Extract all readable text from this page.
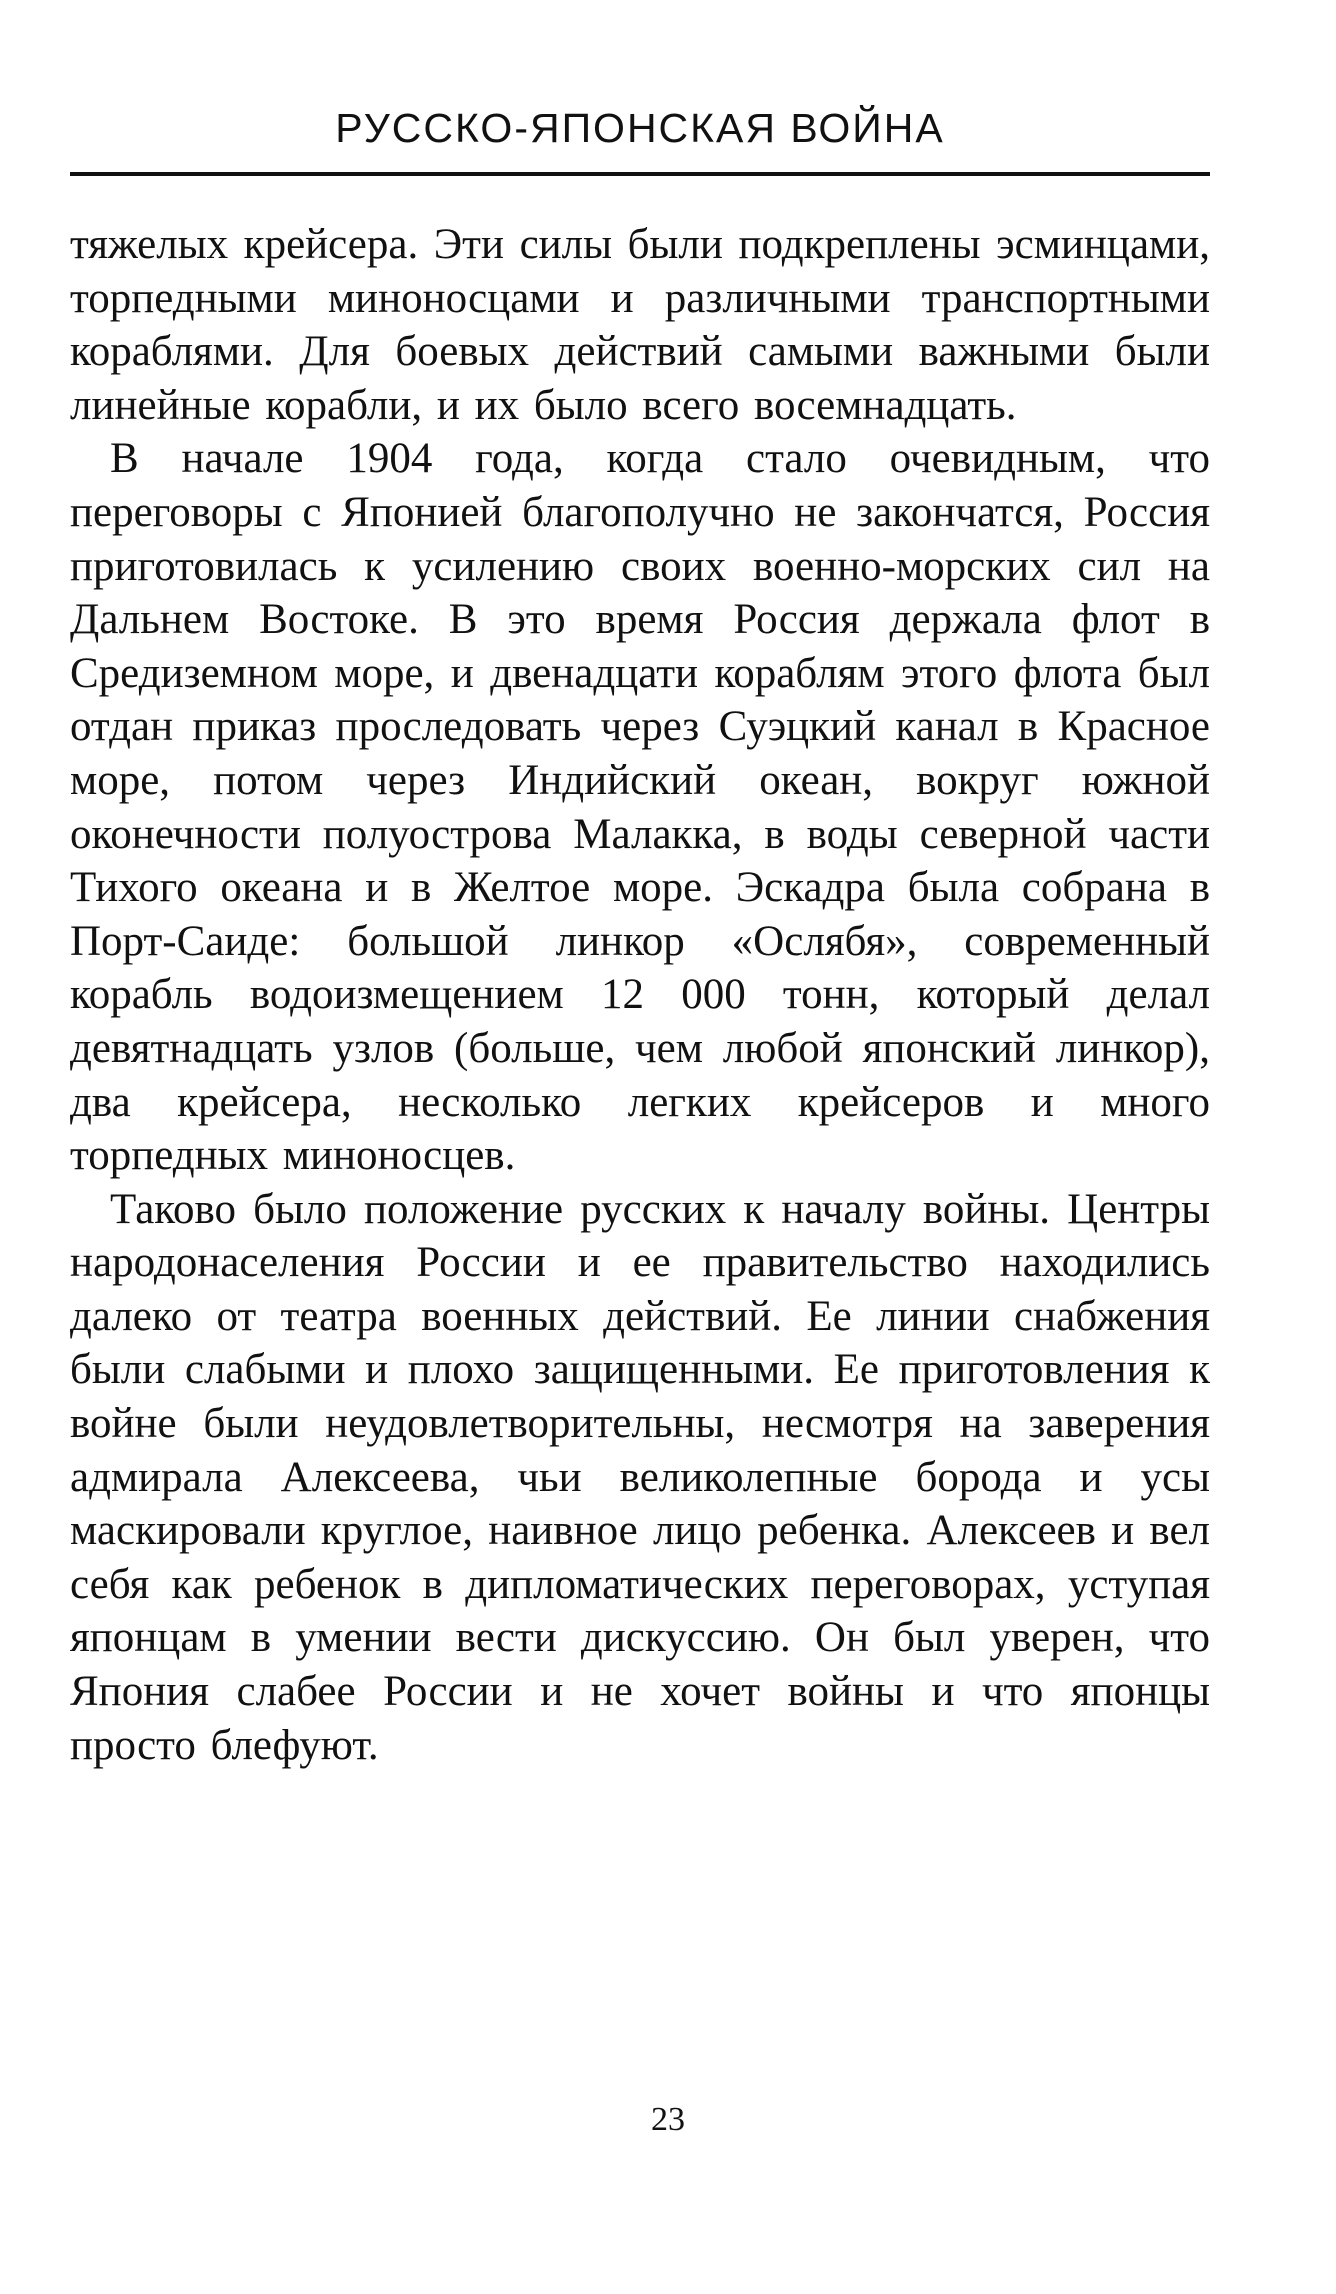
РУССКО-ЯПОНСКАЯ ВОЙНА

тяжелых крейсера. Эти силы были подкреплены эсминцами, торпедными миноносцами и различными транспортными кораблями. Для боевых действий самыми важными были линейные корабли, и их было всего восемнадцать.

В начале 1904 года, когда стало очевидным, что переговоры с Японией благополучно не закончатся, Россия приготовилась к усилению своих военно-морских сил на Дальнем Востоке. В это время Россия держала флот в Средиземном море, и двенадцати кораблям этого флота был отдан приказ проследовать через Суэцкий канал в Красное море, потом через Индийский океан, вокруг южной оконечности полуострова Малакка, в воды северной части Тихого океана и в Желтое море. Эскадра была собрана в Порт-Саиде: большой линкор «Ослябя», современный корабль водоизмещением 12 000 тонн, который делал девятнадцать узлов (больше, чем любой японский линкор), два крейсера, несколько легких крейсеров и много торпедных миноносцев.

Таково было положение русских к началу войны. Центры народонаселения России и ее правительство находились далеко от театра военных действий. Ее линии снабжения были слабыми и плохо защищенными. Ее приготовления к войне были неудовлетворительны, несмотря на заверения адмирала Алексеева, чьи великолепные борода и усы маскировали круглое, наивное лицо ребенка. Алексеев и вел себя как ребенок в дипломатических переговорах, уступая японцам в умении вести дискуссию. Он был уверен, что Япония слабее России и не хочет войны и что японцы просто блефуют.

23
